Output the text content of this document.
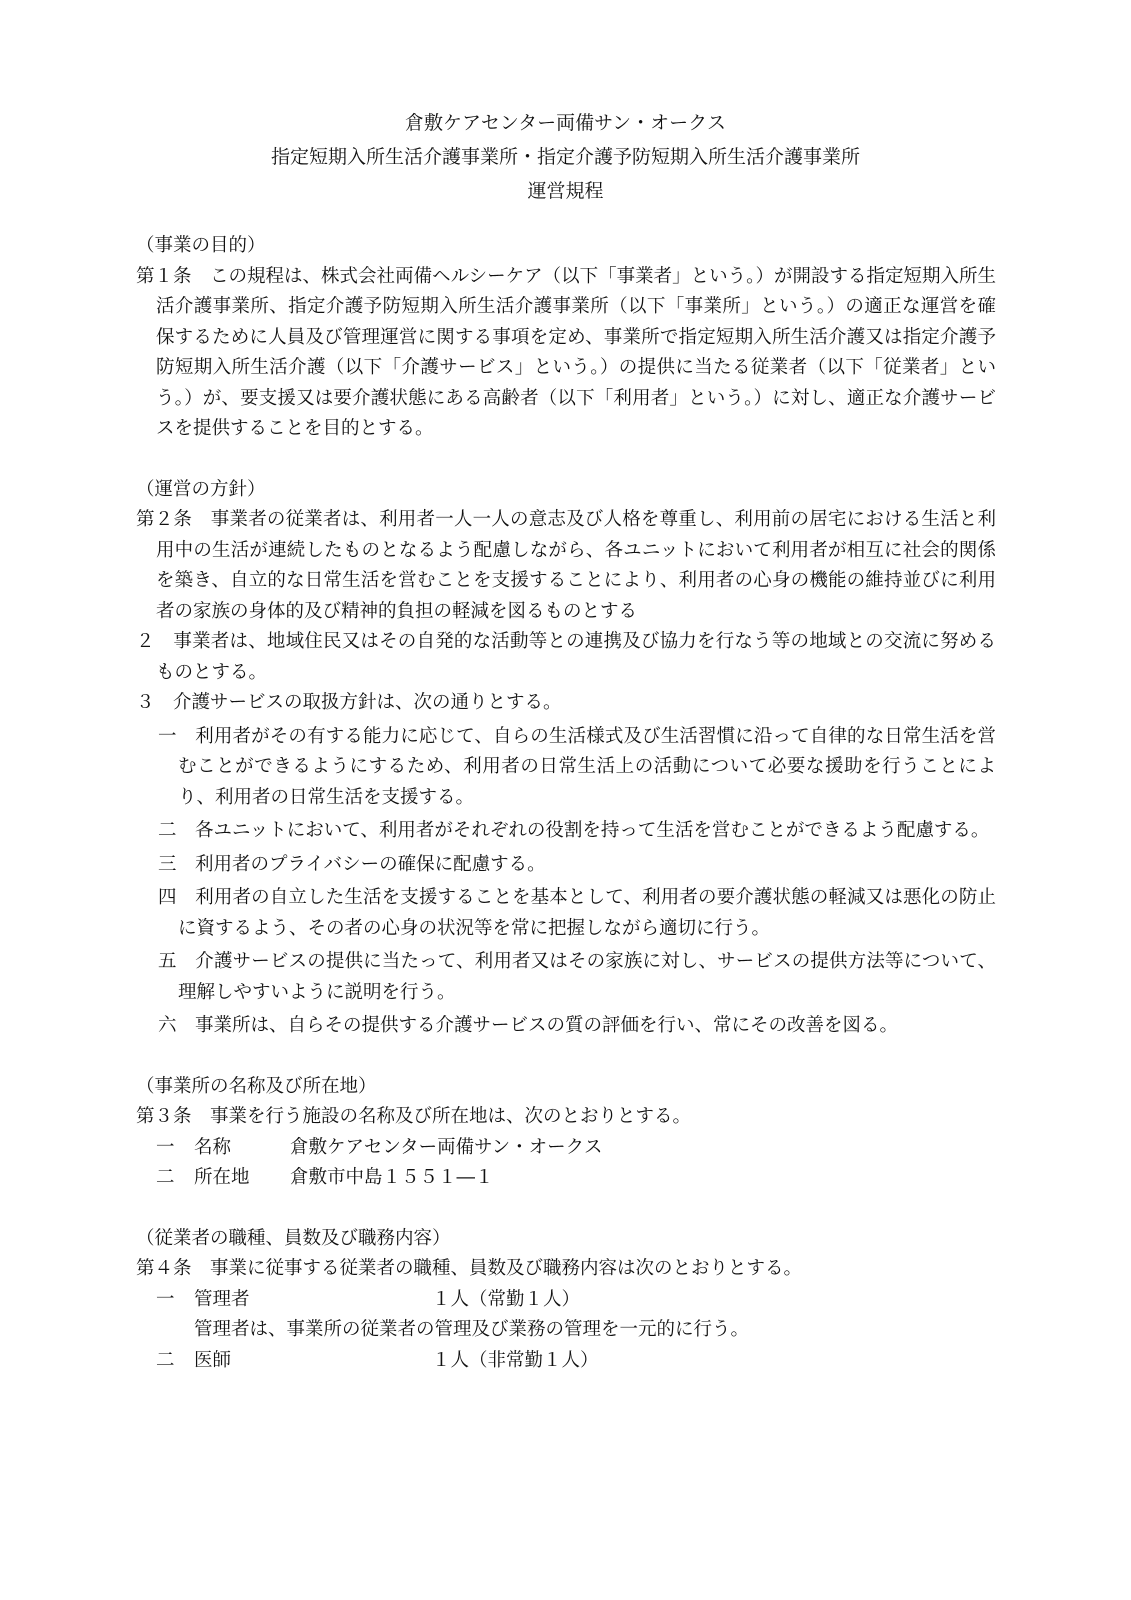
倉敷ケアセンター両備サン・オークス
指定短期入所生活介護事業所・指定介護予防短期入所生活介護事業所
運営規程
（事業の目的）
第１条　この規程は、株式会社両備ヘルシーケア（以下「事業者」という。）が開設する指定短期入所生活介護事業所、指定介護予防短期入所生活介護事業所（以下「事業所」という。）の適正な運営を確保するために人員及び管理運営に関する事項を定め、事業所で指定短期入所生活介護又は指定介護予防短期入所生活介護（以下「介護サービス」という。）の提供に当たる従業者（以下「従業者」という。）が、要支援又は要介護状態にある高齢者（以下「利用者」という。）に対し、適正な介護サービスを提供することを目的とする。
（運営の方針）
第２条　事業者の従業者は、利用者一人一人の意志及び人格を尊重し、利用前の居宅における生活と利用中の生活が連続したものとなるよう配慮しながら、各ユニットにおいて利用者が相互に社会的関係を築き、自立的な日常生活を営むことを支援することにより、利用者の心身の機能の維持並びに利用者の家族の身体的及び精神的負担の軽減を図るものとする
２　事業者は、地域住民又はその自発的な活動等との連携及び協力を行なう等の地域との交流に努めるものとする。
３　介護サービスの取扱方針は、次の通りとする。
一　利用者がその有する能力に応じて、自らの生活様式及び生活習慣に沿って自律的な日常生活を営むことができるようにするため、利用者の日常生活上の活動について必要な援助を行うことにより、利用者の日常生活を支援する。
二　各ユニットにおいて、利用者がそれぞれの役割を持って生活を営むことができるよう配慮する。
三　利用者のプライバシーの確保に配慮する。
四　利用者の自立した生活を支援することを基本として、利用者の要介護状態の軽減又は悪化の防止に資するよう、その者の心身の状況等を常に把握しながら適切に行う。
五　介護サービスの提供に当たって、利用者又はその家族に対し、サービスの提供方法等について、理解しやすいように説明を行う。
六　事業所は、自らその提供する介護サービスの質の評価を行い、常にその改善を図る。
（事業所の名称及び所在地）
第３条　事業を行う施設の名称及び所在地は、次のとおりとする。
一	名称	倉敷ケアセンター両備サン・オークス
二	所在地	倉敷市中島１５５１―１
（従業者の職種、員数及び職務内容）
第４条　事業に従事する従業者の職種、員数及び職務内容は次のとおりとする。
一	管理者	１人（常勤１人）
管理者は、事業所の従業者の管理及び業務の管理を一元的に行う。
二	医師	１人（非常勤１人）
